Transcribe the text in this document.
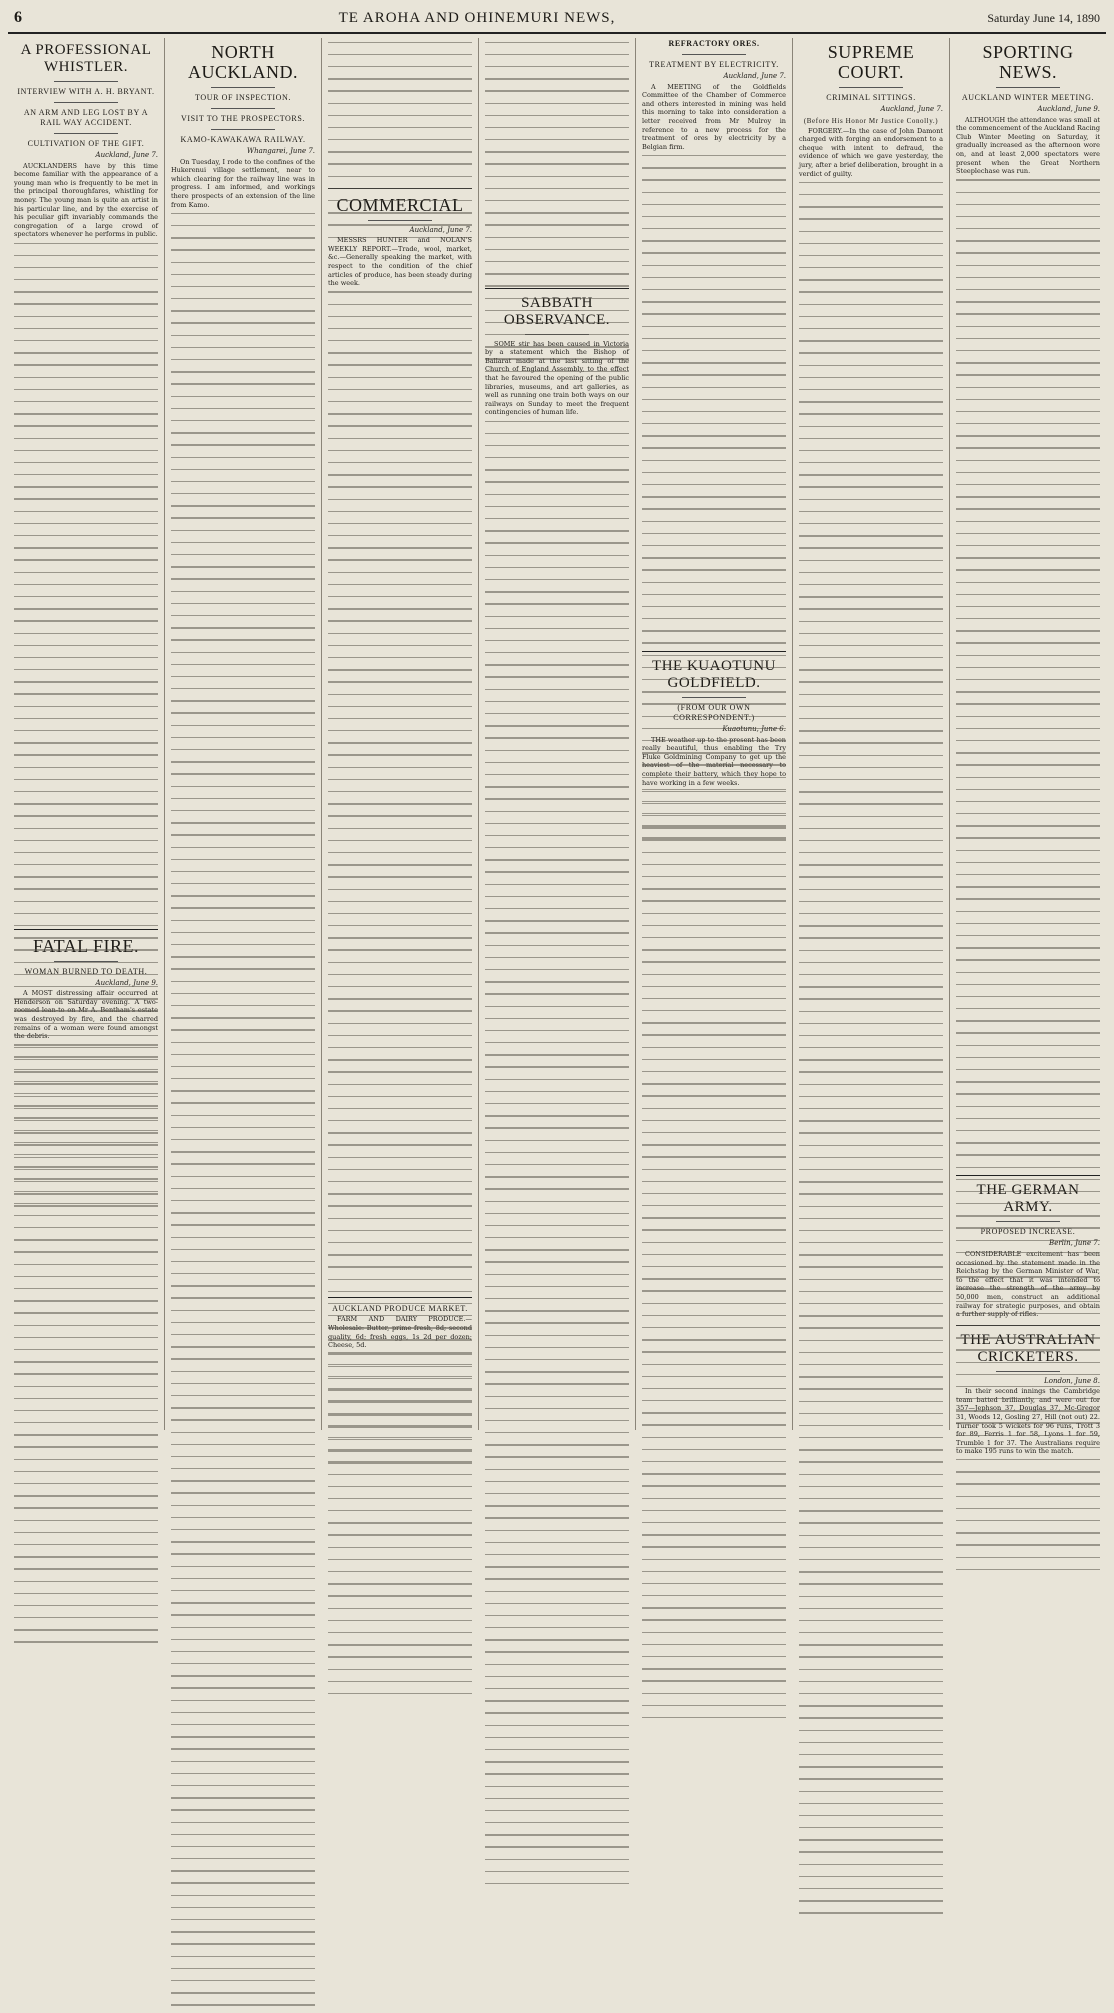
6	TE AROHA AND OHINEMURI NEWS,	Saturday June 14, 1890
A PROFESSIONAL WHISTLER.
INTERVIEW WITH A. H. BRYANT.
AN ARM AND LEG LOST BY A RAIL WAY ACCIDENT.
CULTIVATION OF THE GIFT.
Auckland, June 7.

AUCKLANDERS have by this time become familiar with the appearance of a young man who is frequently to be met in the principal thoroughfares, whistling for money. The young man is quite an artist in his particular line, and by the exercise of his peculiar gift invariably commands the congregation of a large crowd of spectators whenever he performs in public.

FATAL FIRE.
WOMAN BURNED TO DEATH.
Auckland, June 9.

A MOST distressing affair occurred at Henderson on Saturday evening. A two-roomed lean-to on Mr A. Bentham's estate was destroyed by fire, and the charred remains of a woman were found amongst the debris.

NORTH AUCKLAND.
TOUR OF INSPECTION.
VISIT TO THE PROSPECTORS.
KAMO-KAWAKAWA RAILWAY.
Whangarei, June 7.

On Tuesday, I rode to the confines of the Hukerenui village settlement, near to which clearing for the railway line was in progress. I am informed, and workings there prospects of an extension of the line from Kamo.	COMMERCIAL
Auckland, June 7.

MESSRS HUNTER and NOLAN'S WEEKLY REPORT.—Trade, wool, market, &c.—Generally speaking the market, with respect to the condition of the chief articles of produce, has been steady during the week.

AUCKLAND PRODUCE MARKET.

FARM AND DAIRY PRODUCE.—Wholesale: Butter, prime fresh, 8d; second quality, 6d; fresh eggs, 1s 2d per dozen; Cheese, 5d.

SABBATH OBSERVANCE.

SOME stir has been caused in Victoria by a statement which the Bishop of Ballarat made at the last sitting of the Church of England Assembly, to the effect that he favoured the opening of the public libraries, museums, and art galleries, as well as running one train both ways on our railways on Sunday to meet the frequent contingencies of human life.

REFRACTORY ORES.
TREATMENT BY ELECTRICITY.
Auckland, June 7.

A MEETING of the Goldfields Committee of the Chamber of Commerce and others interested in mining was held this morning to take into consideration a letter received from Mr Mulroy in reference to a new process for the treatment of ores by electricity by a Belgian firm.

THE KUAOTUNU GOLDFIELD.
(FROM OUR OWN CORRESPONDENT.)
Kuaotunu, June 6.

THE weather up to the present has been really beautiful, thus enabling the Try Fluke Goldmining Company to get up the heaviest of the material necessary to complete their battery, which they hope to have working in a few weeks.

SUPREME COURT.
CRIMINAL SITTINGS.
Auckland, June 7.
(Before His Honor Mr Justice Conolly.)

FORGERY.—In the case of John Damont charged with forging an endorsement to a cheque with intent to defraud, the evidence of which we gave yesterday, the jury, after a brief deliberation, brought in a verdict of guilty.

SPORTING NEWS.
AUCKLAND WINTER MEETING.
Auckland, June 9.

ALTHOUGH the attendance was small at the commencement of the Auckland Racing Club Winter Meeting on Saturday, it gradually increased as the afternoon wore on, and at least 2,000 spectators were present when the Great Northern Steeplechase was run.

THE GERMAN ARMY.
PROPOSED INCREASE.
Berlin, June 7.

CONSIDERABLE excitement has been occasioned by the statement made in the Reichstag by the German Minister of War, to the effect that it was intended to increase the strength of the army by 50,000 men, construct an additional railway for strategic purposes, and obtain a further supply of rifles.

THE AUSTRALIAN CRICKETERS.
London, June 8.

In their second innings the Cambridge team batted brilliantly, and were out for 357—Jephson 37, Douglas 37, Mc-Gregor 31, Woods 12, Gosling 27, Hill (not out) 22. Turner took 5 wickets for 96 runs, Trott 3 for 89, Ferris 1 for 58, Lyons 1 for 59, Trumble 1 for 37. The Australians require to make 195 runs to win the match.
